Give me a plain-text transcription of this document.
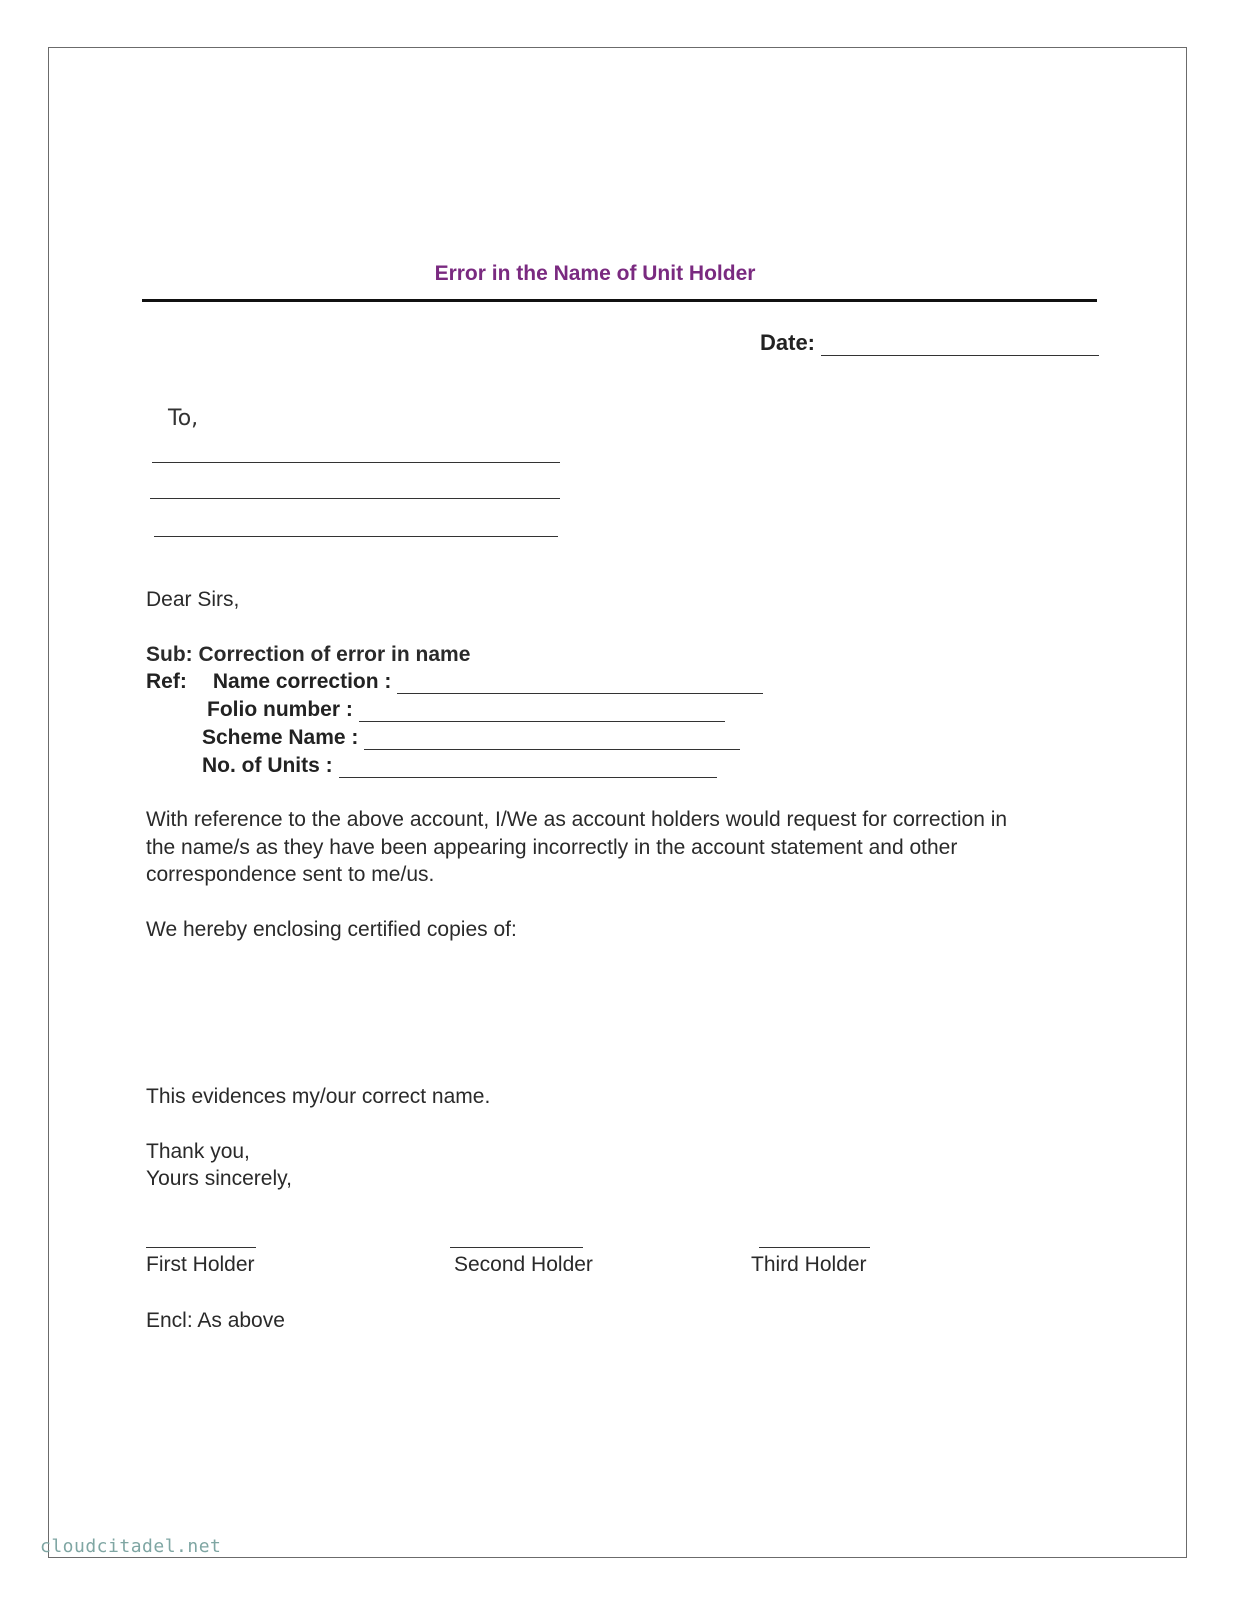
Error in the Name of Unit Holder
Date:
To,
Dear Sirs,
Sub: Correction of error in name
Ref: Name correction :
Folio number :
Scheme Name :
No. of Units :
With reference to the above account, I/We as account holders would request for correction in the name/s as they have been appearing incorrectly in the account statement and other correspondence sent to me/us.
We hereby enclosing certified copies of:
This evidences my/our correct name.
Thank you,
Yours sincerely,
First Holder	Second Holder	Third Holder
Encl: As above
cloudcitadel.net
